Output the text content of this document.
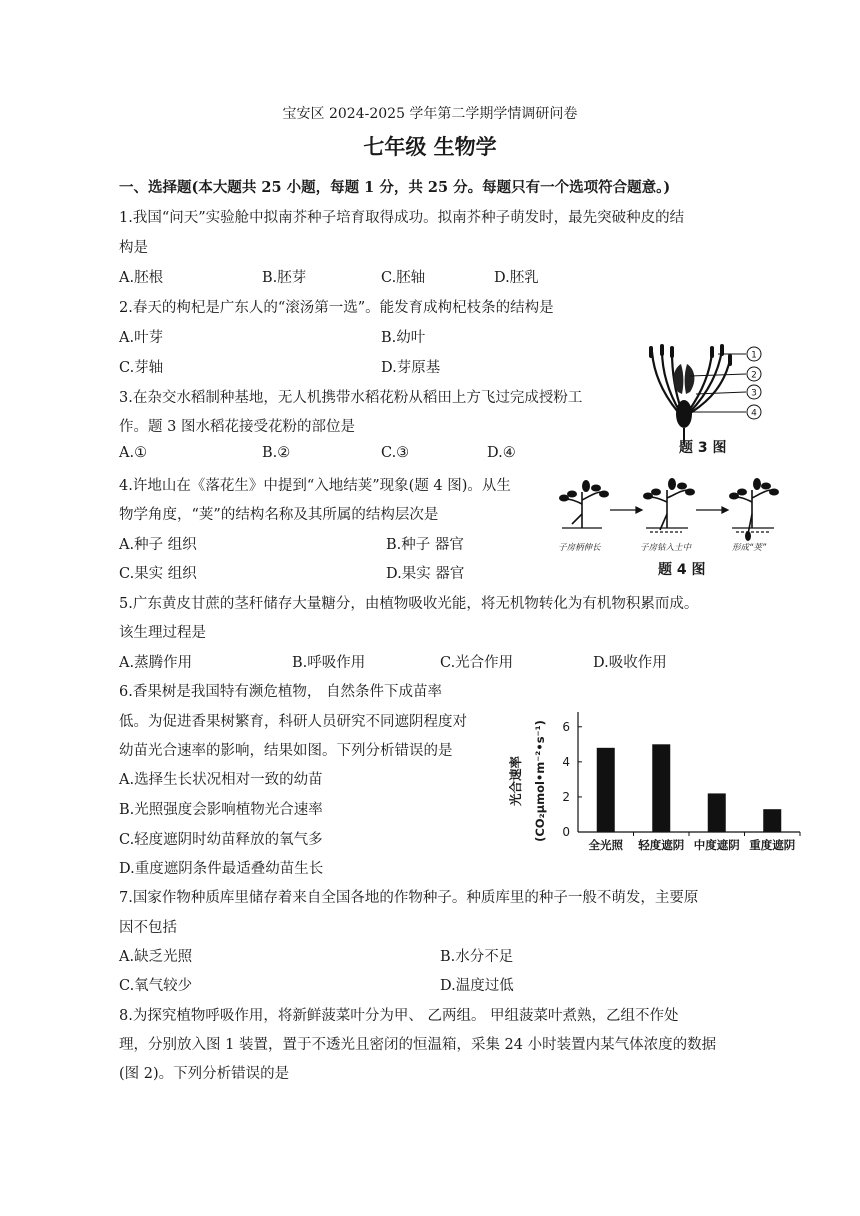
宝安区 2024-2025 学年第二学期学情调研问卷
七年级 生物学
一、选择题(本大题共 25 小题，每题 1 分，共 25 分。每题只有一个选项符合题意。)
1.我国“问天”实验舱中拟南芥种子培育取得成功。拟南芥种子萌发时，最先突破种皮的结
构是
A.胚根	B.胚芽	C.胚轴	D.胚乳
2.春天的枸杞是广东人的“滚汤第一选”。能发育成枸杞枝条的结构是
A.叶芽	B.幼叶
C.芽轴	D.芽原基
3.在杂交水稻制种基地，无人机携带水稻花粉从稻田上方飞过完成授粉工
作。题 3 图水稻花接受花粉的部位是
A.①	B.②	C.③	D.④
1
2
3
4
题 3 图
4.许地山在《落花生》中提到“入地结荚”现象(题 4 图)。从生
物学角度，“荚”的结构名称及其所属的结构层次是
A.种子 组织	B.种子 器官
C.果实 组织	D.果实 器官
子房柄伸长	子房钻入土中	形成“荚”
题 4 图
5.广东黄皮甘蔗的茎秆储存大量糖分，由植物吸收光能，将无机物转化为有机物积累而成。
该生理过程是
A.蒸腾作用	B.呼吸作用	C.光合作用	D.吸收作用
6.香果树是我国特有濒危植物， 自然条件下成苗率
低。为促进香果树繁育，科研人员研究不同遮阴程度对
幼苗光合速率的影响，结果如图。下列分析错误的是
A.选择生长状况相对一致的幼苗
B.光照强度会影响植物光合速率
C.轻度遮阴时幼苗释放的氧气多
D.重度遮阴条件最适叠幼苗生长
光合速率 (CO₂μmol•m⁻²•s⁻¹) 0
2
4
6
全光照 轻度遮阴 中度遮阴 重度遮阴
7.国家作物种质库里储存着来自全国各地的作物种子。种质库里的种子一般不萌发，主要原
因不包括
A.缺乏光照	B.水分不足
C.氧气较少	D.温度过低
8.为探究植物呼吸作用，将新鲜菠菜叶分为甲、 乙两组。 甲组菠菜叶煮熟，乙组不作处
理，分别放入图 1 装置，置于不透光且密闭的恒温箱，采集 24 小时装置内某气体浓度的数据
(图 2)。下列分析错误的是
